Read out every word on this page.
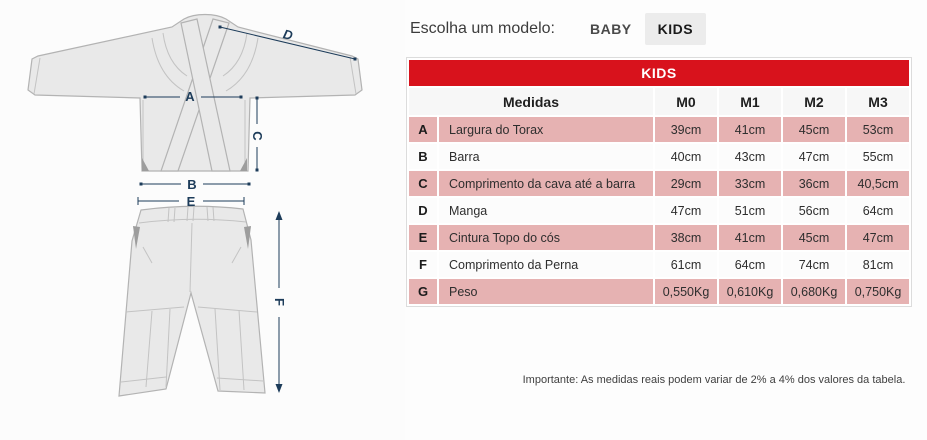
A
C
B
D
E
F
Escolha um modelo:	BABY	KIDS
KIDS					
Medidas		M0	M1	M2	M3
A	Largura do Torax	39cm	41cm	45cm	53cm
B	Barra	40cm	43cm	47cm	55cm
C	Comprimento da cava até a barra	29cm	33cm	36cm	40,5cm
D	Manga	47cm	51cm	56cm	64cm
E	Cintura Topo do cós	38cm	41cm	45cm	47cm
F	Comprimento da Perna	61cm	64cm	74cm	81cm
G	Peso	0,550Kg	0,610Kg	0,680Kg	0,750Kg
Importante: As medidas reais podem variar de 2% a 4% dos valores da tabela.
